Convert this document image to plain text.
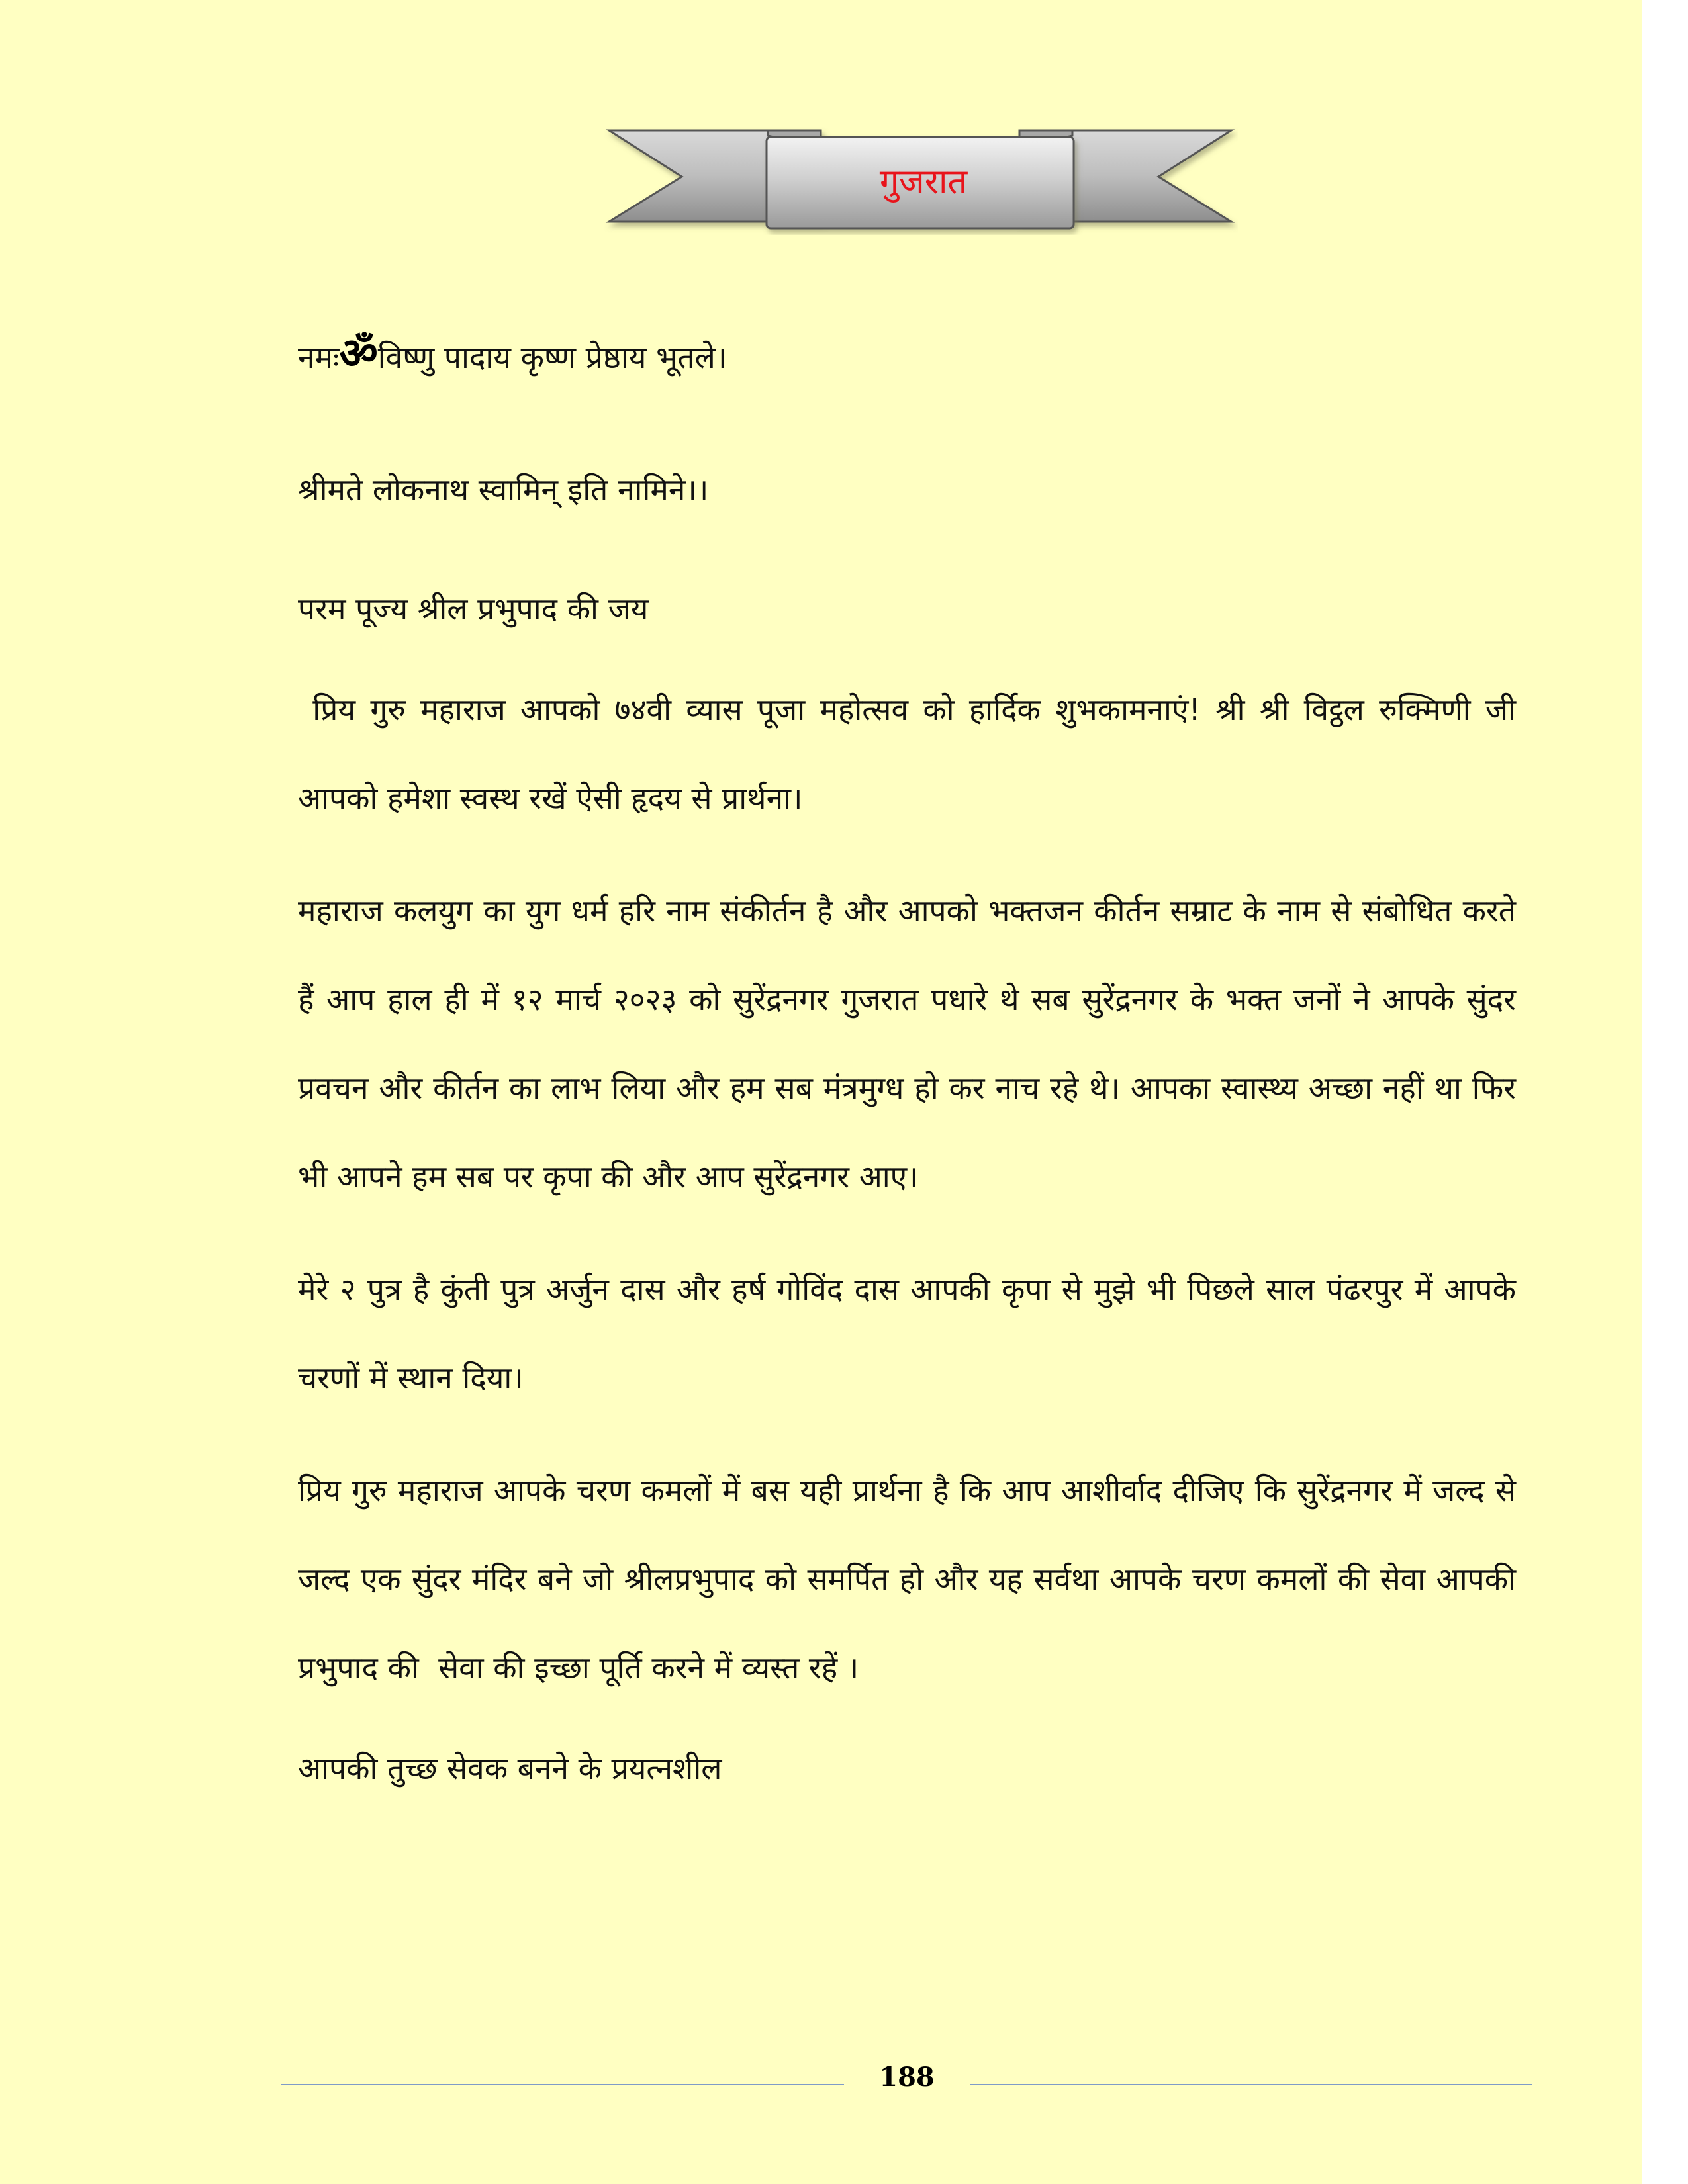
गुजरात

नमःॐविष्णु पादाय कृष्ण प्रेष्ठाय भूतले।

श्रीमते लोकनाथ स्वामिन् इति नामिने।।

परम पूज्य श्रील प्रभुपाद की जय

प्रिय गुरु महाराज आपको ७४वी व्यास पूजा महोत्सव को हार्दिक शुभकामनाएं! श्री श्री विट्ठल रुक्मिणी जी आपको हमेशा स्वस्थ रखें ऐसी हृदय से प्रार्थना।

महाराज कलयुग का युग धर्म हरि नाम संकीर्तन है और आपको भक्तजन कीर्तन सम्राट के नाम से संबोधित करते हैं आप हाल ही में १२ मार्च २०२३ को सुरेंद्रनगर गुजरात पधारे थे सब सुरेंद्रनगर के भक्त जनों ने आपके सुंदर प्रवचन और कीर्तन का लाभ लिया और हम सब मंत्रमुग्ध हो कर नाच रहे थे। आपका स्वास्थ्य अच्छा नहीं था फिर भी आपने हम सब पर कृपा की और आप सुरेंद्रनगर आए।

मेरे २ पुत्र है कुंती पुत्र अर्जुन दास और हर्ष गोविंद दास आपकी कृपा से मुझे भी पिछले साल पंढरपुर में आपके चरणों में स्थान दिया।

प्रिय गुरु महाराज आपके चरण कमलों में बस यही प्रार्थना है कि आप आशीर्वाद दीजिए कि सुरेंद्रनगर में जल्द से जल्द एक सुंदर मंदिर बने जो श्रीलप्रभुपाद को समर्पित हो और यह सर्वथा आपके चरण कमलों की सेवा आपकी प्रभुपाद की  सेवा की इच्छा पूर्ति करने में व्यस्त रहें ।

आपकी तुच्छ सेवक बनने के प्रयत्नशील

188
